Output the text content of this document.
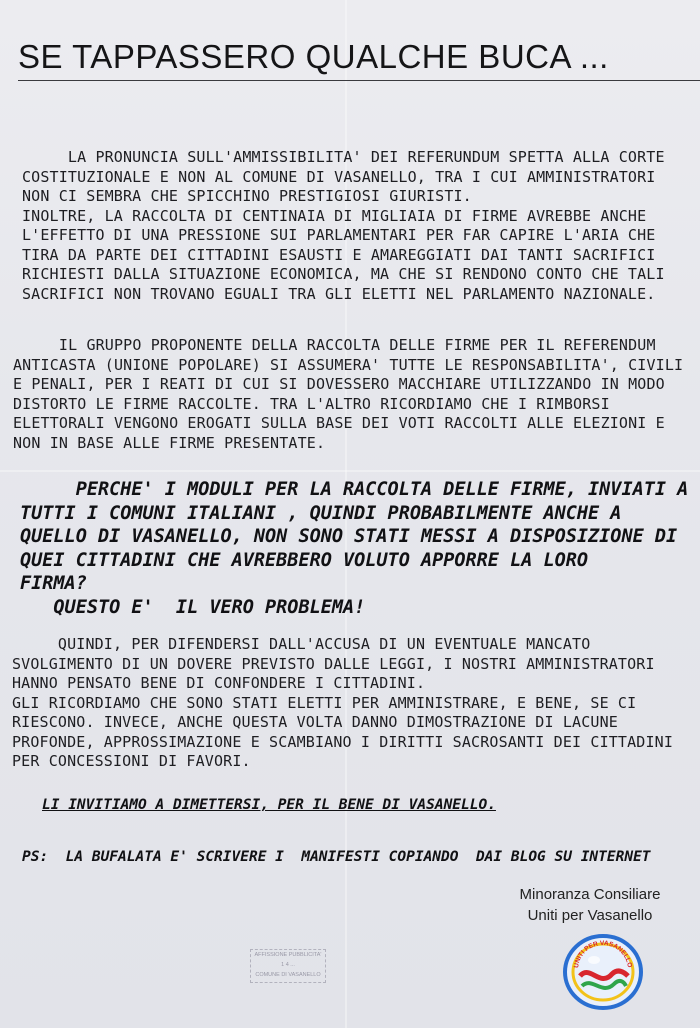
SE TAPPASSERO QUALCHE BUCA ...
LA PRONUNCIA SULL'AMMISSIBILITA' DEI REFERUNDUM SPETTA ALLA CORTE
COSTITUZIONALE E NON AL COMUNE DI VASANELLO, TRA I CUI AMMINISTRATORI
NON CI SEMBRA CHE SPICCHINO PRESTIGIOSI GIURISTI.
INOLTRE, LA RACCOLTA DI CENTINAIA DI MIGLIAIA DI FIRME AVREBBE ANCHE
L'EFFETTO DI UNA PRESSIONE SUI PARLAMENTARI PER FAR CAPIRE L'ARIA CHE
TIRA DA PARTE DEI CITTADINI ESAUSTI E AMAREGGIATI DAI TANTI SACRIFICI
RICHIESTI DALLA SITUAZIONE ECONOMICA, MA CHE SI RENDONO CONTO CHE TALI
SACRIFICI NON TROVANO EGUALI TRA GLI ELETTI NEL PARLAMENTO NAZIONALE.
IL GRUPPO PROPONENTE DELLA RACCOLTA DELLE FIRME PER IL REFERENDUM
ANTICASTA (UNIONE POPOLARE) SI ASSUMERA' TUTTE LE RESPONSABILITA', CIVILI
E PENALI, PER I REATI DI CUI SI DOVESSERO MACCHIARE UTILIZZANDO IN MODO
DISTORTO LE FIRME RACCOLTE. TRA L'ALTRO RICORDIAMO CHE I RIMBORSI
ELETTORALI VENGONO EROGATI SULLA BASE DEI VOTI RACCOLTI ALLE ELEZIONI E
NON IN BASE ALLE FIRME PRESENTATE.
PERCHE' I MODULI PER LA RACCOLTA DELLE FIRME, INVIATI A
TUTTI I COMUNI ITALIANI , QUINDI PROBABILMENTE ANCHE A
QUELLO DI VASANELLO, NON SONO STATI MESSI A DISPOSIZIONE DI
QUEI CITTADINI CHE AVREBBERO VOLUTO APPORRE LA LORO
FIRMA?
QUESTO E'  IL VERO PROBLEMA!
QUINDI, PER DIFENDERSI DALL'ACCUSA DI UN EVENTUALE MANCATO
SVOLGIMENTO DI UN DOVERE PREVISTO DALLE LEGGI, I NOSTRI AMMINISTRATORI
HANNO PENSATO BENE DI CONFONDERE I CITTADINI.
GLI RICORDIAMO CHE SONO STATI ELETTI PER AMMINISTRARE, E BENE, SE CI
RIESCONO. INVECE, ANCHE QUESTA VOLTA DANNO DIMOSTRAZIONE DI LACUNE
PROFONDE, APPROSSIMAZIONE E SCAMBIANO I DIRITTI SACROSANTI DEI CITTADINI
PER CONCESSIONI DI FAVORI.
LI INVITIAMO A DIMETTERSI, PER IL BENE DI VASANELLO.
PS:  LA BUFALATA E' SCRIVERE I  MANIFESTI COPIANDO  DAI BLOG SU INTERNET
Minoranza Consiliare
Uniti per Vasanello
AFFISSIONE PUBBLICITA'
1 4 ...
COMUNE DI VASANELLO
UNITI PER VASANELLO
